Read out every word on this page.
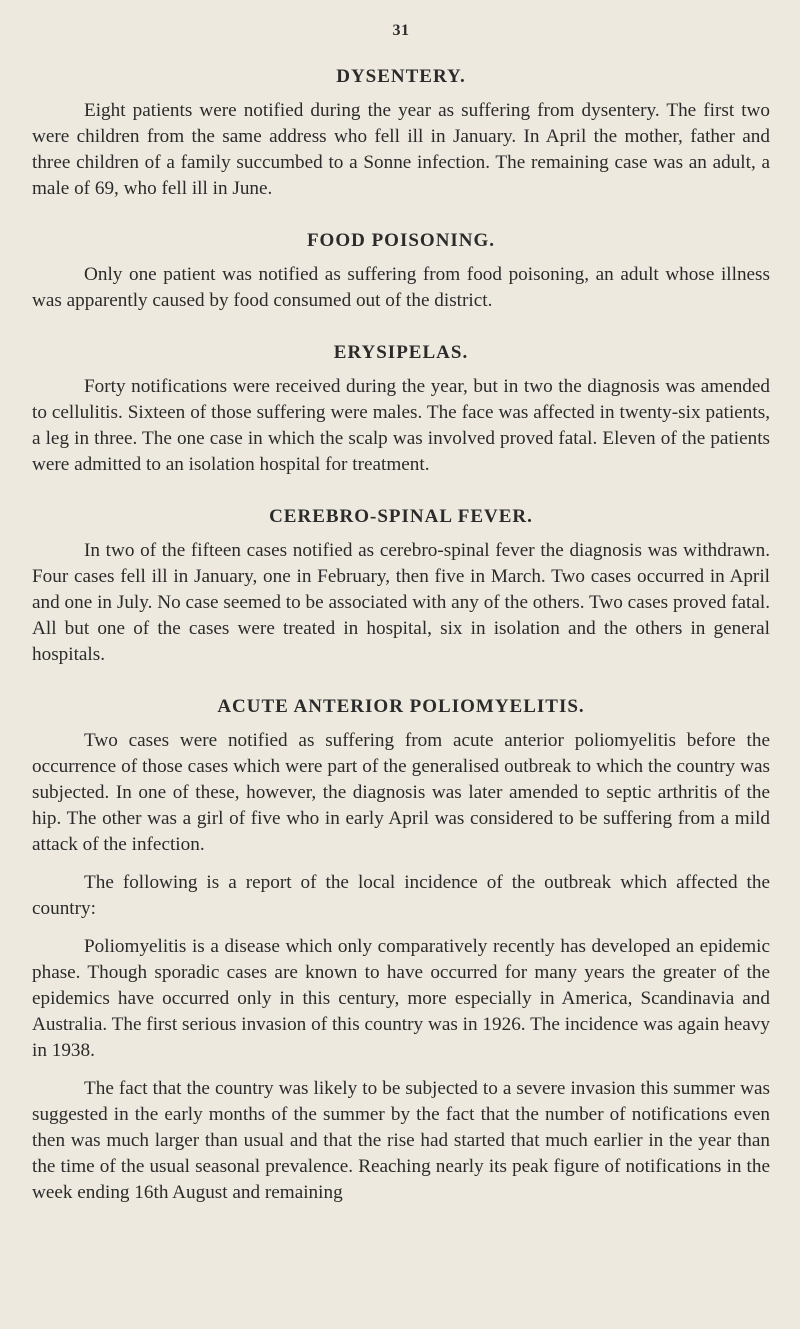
31
DYSENTERY.

Eight patients were notified during the year as suffering from dysentery. The first two were children from the same address who fell ill in January. In April the mother, father and three children of a family succumbed to a Sonne infection. The remaining case was an adult, a male of 69, who fell ill in June.

FOOD POISONING.

Only one patient was notified as suffering from food poisoning, an adult whose illness was apparently caused by food consumed out of the district.

ERYSIPELAS.

Forty notifications were received during the year, but in two the diagnosis was amended to cellulitis. Sixteen of those suffering were males. The face was affected in twenty-six patients, a leg in three. The one case in which the scalp was involved proved fatal. Eleven of the patients were admitted to an isolation hospital for treatment.

CEREBRO-SPINAL FEVER.

In two of the fifteen cases notified as cerebro-spinal fever the diagnosis was withdrawn. Four cases fell ill in January, one in February, then five in March. Two cases occurred in April and one in July. No case seemed to be associated with any of the others. Two cases proved fatal. All but one of the cases were treated in hospital, six in isolation and the others in general hospitals.

ACUTE ANTERIOR POLIOMYELITIS.

Two cases were notified as suffering from acute anterior poliomyelitis before the occurrence of those cases which were part of the generalised outbreak to which the country was subjected. In one of these, however, the diagnosis was later amended to septic arthritis of the hip. The other was a girl of five who in early April was considered to be suffering from a mild attack of the infection.

The following is a report of the local incidence of the outbreak which affected the country:

Poliomyelitis is a disease which only comparatively recently has developed an epidemic phase. Though sporadic cases are known to have occurred for many years the greater of the epidemics have occurred only in this century, more especially in America, Scandinavia and Australia. The first serious invasion of this country was in 1926. The incidence was again heavy in 1938.

The fact that the country was likely to be subjected to a severe invasion this summer was suggested in the early months of the summer by the fact that the number of notifications even then was much larger than usual and that the rise had started that much earlier in the year than the time of the usual seasonal prevalence. Reaching nearly its peak figure of notifications in the week ending 16th August and remaining
